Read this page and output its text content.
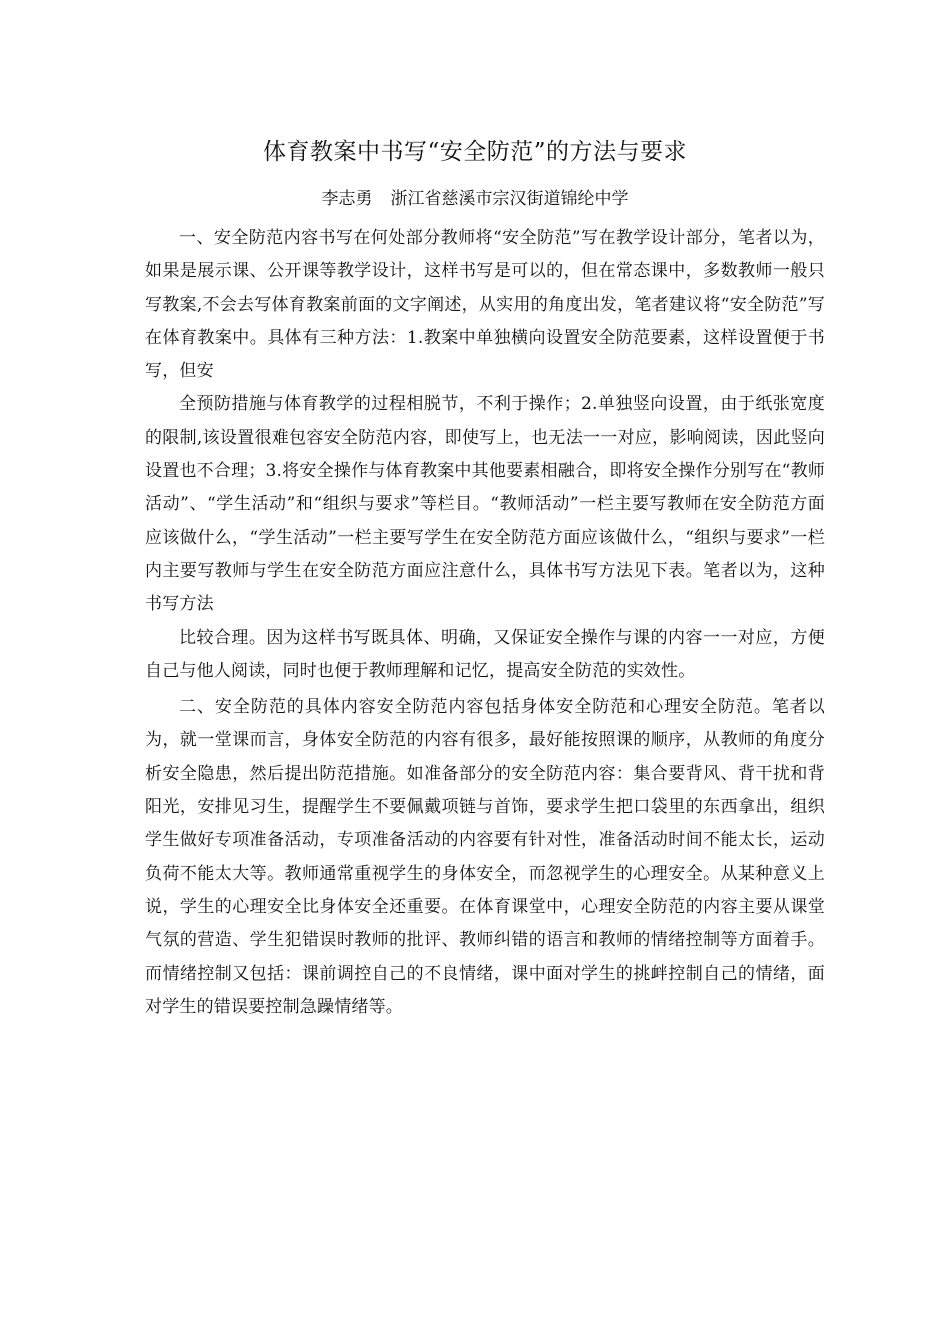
体育教案中书写“安全防范”的方法与要求
李志勇 浙江省慈溪市宗汉街道锦纶中学

一、安全防范内容书写在何处部分教师将“安全防范”写在教学设计部分，笔者以为，如果是展示课、公开课等教学设计，这样书写是可以的，但在常态课中，多数教师一般只写教案,不会去写体育教案前面的文字阐述，从实用的角度出发，笔者建议将“安全防范”写在体育教案中。具体有三种方法：1.教案中单独横向设置安全防范要素，这样设置便于书写，但安

全预防措施与体育教学的过程相脱节，不利于操作；2.单独竖向设置，由于纸张宽度的限制,该设置很难包容安全防范内容，即使写上，也无法一一对应，影响阅读，因此竖向设置也不合理；3.将安全操作与体育教案中其他要素相融合，即将安全操作分别写在“教师活动”、“学生活动”和“组织与要求”等栏目。“教师活动”一栏主要写教师在安全防范方面应该做什么，“学生活动”一栏主要写学生在安全防范方面应该做什么，“组织与要求”一栏内主要写教师与学生在安全防范方面应注意什么，具体书写方法见下表。笔者以为，这种书写方法

比较合理。因为这样书写既具体、明确，又保证安全操作与课的内容一一对应，方便自己与他人阅读，同时也便于教师理解和记忆，提高安全防范的实效性。

二、安全防范的具体内容安全防范内容包括身体安全防范和心理安全防范。笔者以为，就一堂课而言，身体安全防范的内容有很多，最好能按照课的顺序，从教师的角度分析安全隐患，然后提出防范措施。如准备部分的安全防范内容：集合要背风、背干扰和背阳光，安排见习生，提醒学生不要佩戴项链与首饰，要求学生把口袋里的东西拿出，组织学生做好专项准备活动，专项准备活动的内容要有针对性，准备活动时间不能太长，运动负荷不能太大等。教师通常重视学生的身体安全，而忽视学生的心理安全。从某种意义上说，学生的心理安全比身体安全还重要。在体育课堂中，心理安全防范的内容主要从课堂气氛的营造、学生犯错误时教师的批评、教师纠错的语言和教师的情绪控制等方面着手。而情绪控制又包括：课前调控自己的不良情绪，课中面对学生的挑衅控制自己的情绪，面对学生的错误要控制急躁情绪等。
